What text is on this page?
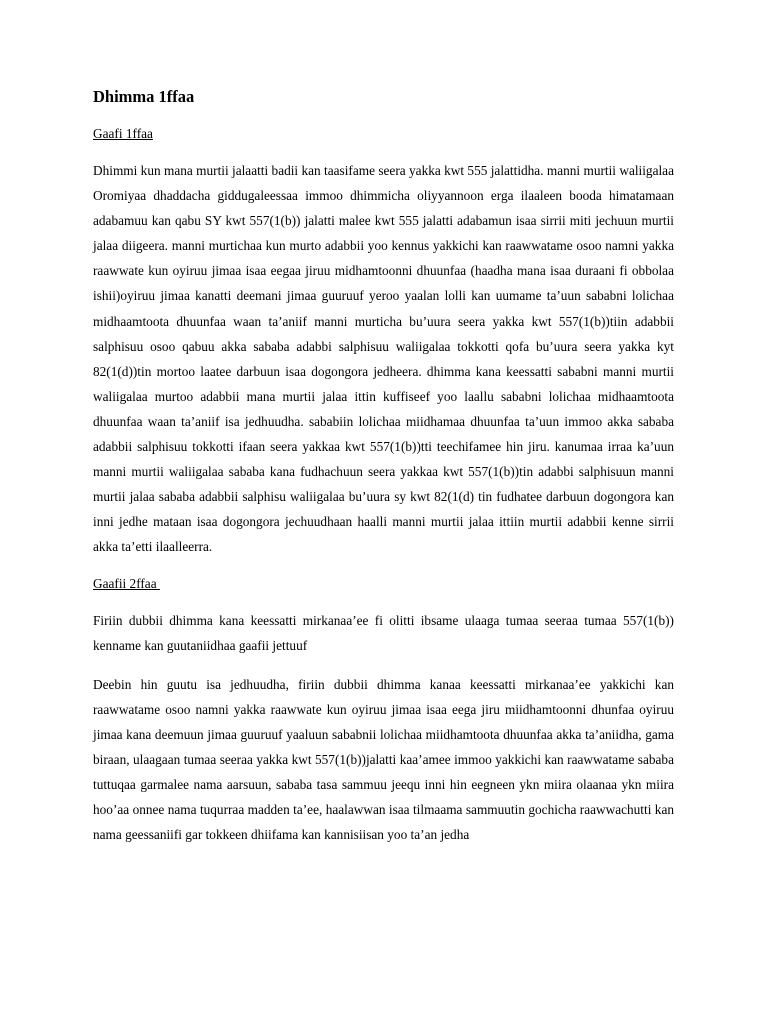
Dhimma 1ffaa
Gaafi 1ffaa

Dhimmi kun mana murtii jalaatti badii kan taasifame seera yakka kwt 555 jalattidha. manni murtii waliigalaa Oromiyaa dhaddacha giddugaleessaa immoo dhimmicha oliyyannoon erga ilaaleen booda himatamaan adabamuu kan qabu SY kwt 557(1(b)) jalatti malee kwt 555 jalatti adabamun isaa sirrii miti jechuun murtii jalaa diigeera. manni murtichaa kun murto adabbii yoo kennus yakkichi kan raawwatame osoo namni yakka raawwate kun oyiruu jimaa isaa eegaa jiruu midhamtoonni dhuunfaa (haadha mana isaa duraani fi obbolaa ishii)oyiruu jimaa kanatti deemani jimaa guuruuf yeroo yaalan lolli kan uumame ta’uun sababni lolichaa midhaamtoota dhuunfaa waan ta’aniif manni murticha bu’uura seera yakka kwt 557(1(b))tiin adabbii salphisuu osoo qabuu akka sababa adabbi salphisuu waliigalaa tokkotti qofa bu’uura seera yakka kyt 82(1(d))tin mortoo laatee darbuun isaa dogongora jedheera. dhimma kana keessatti sababni manni murtii waliigalaa murtoo adabbii mana murtii jalaa ittin kuffiseef yoo laallu sababni lolichaa midhaamtoota dhuunfaa waan ta’aniif isa jedhuudha. sababiin lolichaa miidhamaa dhuunfaa ta’uun immoo akka sababa adabbii salphisuu tokkotti ifaan seera yakkaa kwt 557(1(b))tti teechifamee hin jiru. kanumaa irraa ka’uun manni murtii waliigalaa sababa kana fudhachuun seera yakkaa kwt 557(1(b))tin adabbi salphisuun manni murtii jalaa sababa adabbii salphisu waliigalaa bu’uura sy kwt 82(1(d) tin fudhatee darbuun dogongora kan inni jedhe mataan isaa dogongora jechuudhaan haalli manni murtii jalaa ittiin murtii adabbii kenne sirrii akka ta’etti ilaalleerra.

Gaafii 2ffaa

Firiin dubbii dhimma kana keessatti mirkanaa’ee fi olitti ibsame ulaaga tumaa seeraa tumaa 557(1(b)) kenname kan guutaniidhaa gaafii jettuuf

Deebin hin guutu isa jedhuudha, firiin dubbii dhimma kanaa keessatti mirkanaa’ee yakkichi kan raawwatame osoo namni yakka raawwate kun oyiruu jimaa isaa eega jiru miidhamtoonni dhunfaa oyiruu jimaa kana deemuun jimaa guuruuf yaaluun sababnii lolichaa miidhamtoota dhuunfaa akka ta’aniidha, gama biraan, ulaagaan tumaa seeraa yakka kwt 557(1(b))jalatti kaa’amee immoo yakkichi kan raawwatame sababa tuttuqaa garmalee nama aarsuun, sababa tasa sammuu jeequ inni hin eegneen ykn miira olaanaa ykn miira hoo’aa onnee nama tuqurraa madden ta’ee, haalawwan isaa tilmaama sammuutin gochicha raawwachutti kan nama geessaniifi gar tokkeen dhiifama kan kannisiisan yoo ta’an jedha
